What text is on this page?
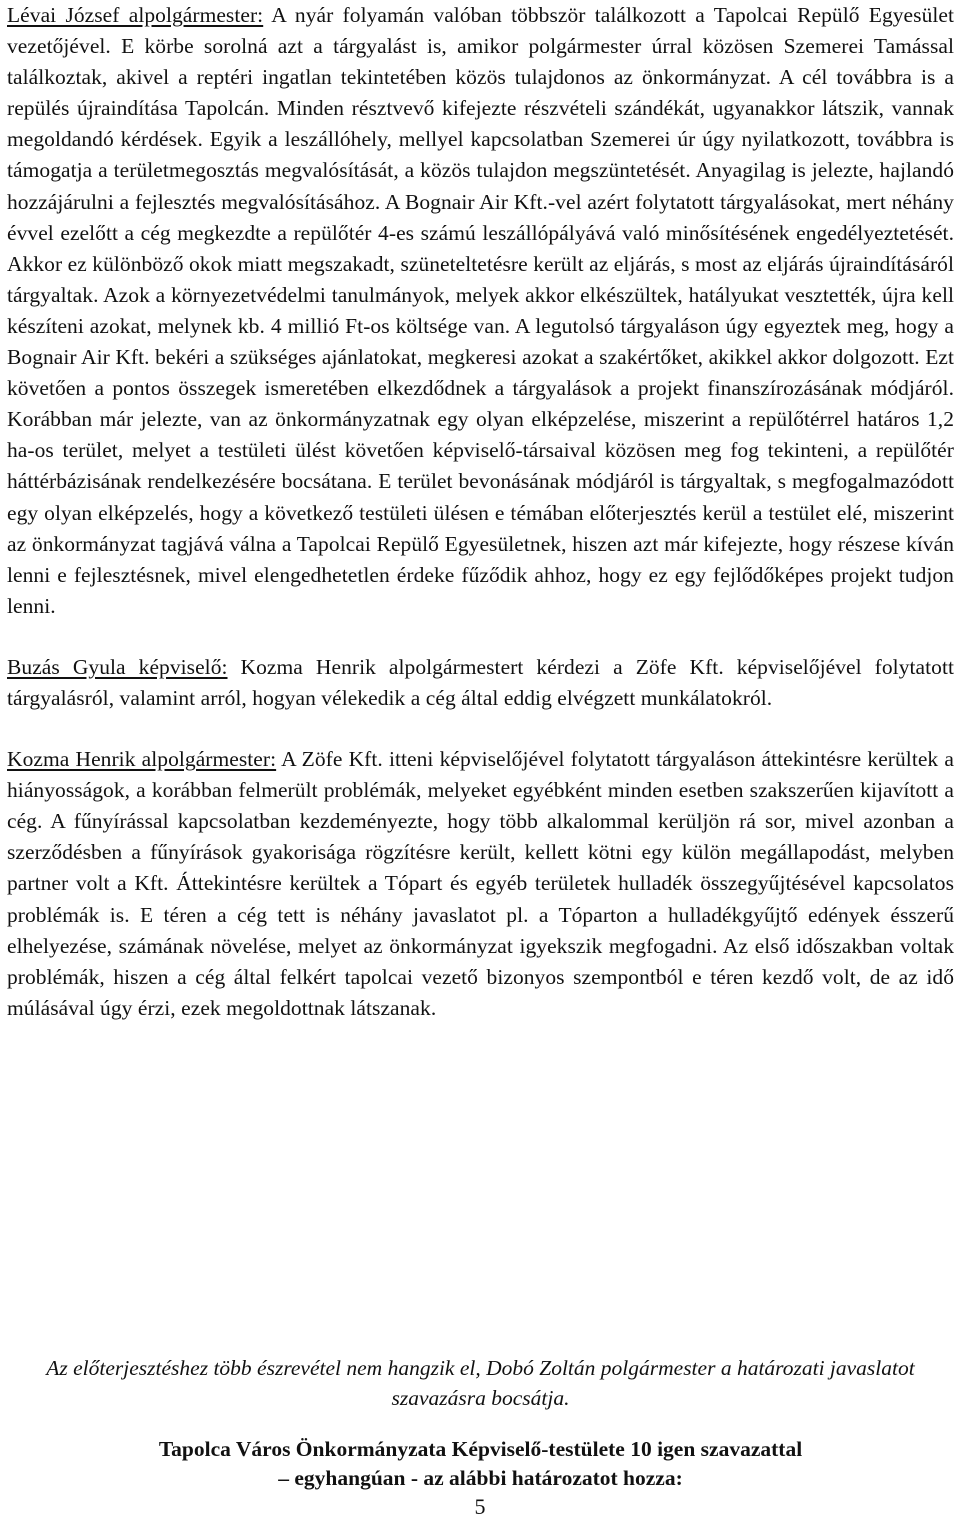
Lévai József alpolgármester: A nyár folyamán valóban többször találkozott a Tapolcai Repülő Egyesület vezetőjével. E körbe sorolná azt a tárgyalást is, amikor polgármester úrral közösen Szemerei Tamással találkoztak, akivel a reptéri ingatlan tekintetében közös tulajdonos az önkormányzat. A cél továbbra is a repülés újraindítása Tapolcán. Minden résztvevő kifejezte részvételi szándékát, ugyanakkor látszik, vannak megoldandó kérdések. Egyik a leszállóhely, mellyel kapcsolatban Szemerei úr úgy nyilatkozott, továbbra is támogatja a területmegosztás megvalósítását, a közös tulajdon megszüntetését. Anyagilag is jelezte, hajlandó hozzájárulni a fejlesztés megvalósításához. A Bognair Air Kft.-vel azért folytatott tárgyalásokat, mert néhány évvel ezelőtt a cég megkezdte a repülőtér 4-es számú leszállópályává való minősítésének engedélyeztetését. Akkor ez különböző okok miatt megszakadt, szüneteltetésre került az eljárás, s most az eljárás újraindításáról tárgyaltak. Azok a környezetvédelmi tanulmányok, melyek akkor elkészültek, hatályukat vesztették, újra kell készíteni azokat, melynek kb. 4 millió Ft-os költsége van. A legutolsó tárgyaláson úgy egyeztek meg, hogy a Bognair Air Kft. bekéri a szükséges ajánlatokat, megkeresi azokat a szakértőket, akikkel akkor dolgozott. Ezt követően a pontos összegek ismeretében elkezdődnek a tárgyalások a projekt finanszírozásának módjáról. Korábban már jelezte, van az önkormányzatnak egy olyan elképzelése, miszerint a repülőtérrel határos 1,2 ha-os terület, melyet a testületi ülést követően képviselő-társaival közösen meg fog tekinteni, a repülőtér háttérbázisának rendelkezésére bocsátana. E terület bevonásának módjáról is tárgyaltak, s megfogalmazódott egy olyan elképzelés, hogy a következő testületi ülésen e témában előterjesztés kerül a testület elé, miszerint az önkormányzat tagjává válna a Tapolcai Repülő Egyesületnek, hiszen azt már kifejezte, hogy részese kíván lenni e fejlesztésnek, mivel elengedhetetlen érdeke fűződik ahhoz, hogy ez egy fejlődőképes projekt tudjon lenni.

Buzás Gyula képviselő: Kozma Henrik alpolgármestert kérdezi a Zöfe Kft. képviselőjével folytatott tárgyalásról, valamint arról, hogyan vélekedik a cég által eddig elvégzett munkálatokról.

Kozma Henrik alpolgármester: A Zöfe Kft. itteni képviselőjével folytatott tárgyaláson áttekintésre kerültek a hiányosságok, a korábban felmerült problémák, melyeket egyébként minden esetben szakszerűen kijavított a cég. A fűnyírással kapcsolatban kezdeményezte, hogy több alkalommal kerüljön rá sor, mivel azonban a szerződésben a fűnyírások gyakorisága rögzítésre került, kellett kötni egy külön megállapodást, melyben partner volt a Kft. Áttekintésre kerültek a Tópart és egyéb területek hulladék összegyűjtésével kapcsolatos problémák is. E téren a cég tett is néhány javaslatot pl. a Tóparton a hulladékgyűjtő edények ésszerű elhelyezése, számának növelése, melyet az önkormányzat igyekszik megfogadni. Az első időszakban voltak problémák, hiszen a cég által felkért tapolcai vezető bizonyos szempontból e téren kezdő volt, de az idő múlásával úgy érzi, ezek megoldottnak látszanak.

Az előterjesztéshez több észrevétel nem hangzik el, Dobó Zoltán polgármester a határozati javaslatot szavazásra bocsátja.
Tapolca Város Önkormányzata Képviselő-testülete 10 igen szavazattal
– egyhangúan - az alábbi határozatot hozza:
5
